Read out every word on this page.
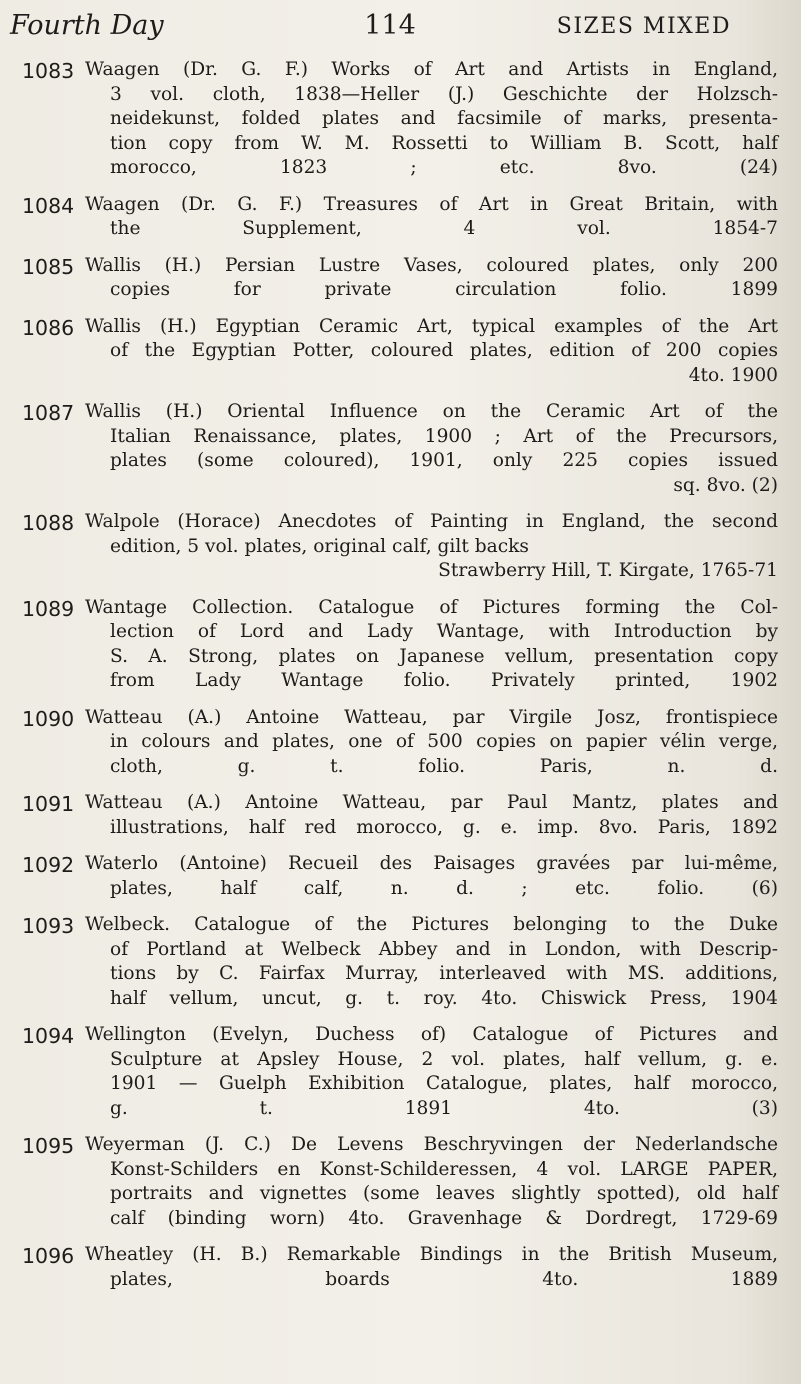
Fourth Day	114	SIZES MIXED
1083 Waagen (Dr. G. F.) Works of Art and Artists in England,
3 vol. cloth, 1838—Heller (J.) Geschichte der Holzsch-
neidekunst, folded plates and facsimile of marks, presenta-
tion copy from W. M. Rossetti to William B. Scott, half
morocco, 1823 ; etc. 8vo. (24)
1084 Waagen (Dr. G. F.) Treasures of Art in Great Britain, with
the Supplement, 4 vol. 1854-7
1085 Wallis (H.) Persian Lustre Vases, coloured plates, only 200
copies for private circulation folio. 1899
1086 Wallis (H.) Egyptian Ceramic Art, typical examples of the Art
of the Egyptian Potter, coloured plates, edition of 200 copies
4to. 1900
1087 Wallis (H.) Oriental Influence on the Ceramic Art of the
Italian Renaissance, plates, 1900 ; Art of the Precursors,
plates (some coloured), 1901, only 225 copies issued
sq. 8vo. (2)
1088 Walpole (Horace) Anecdotes of Painting in England, the second
edition, 5 vol. plates, original calf, gilt backs
Strawberry Hill, T. Kirgate, 1765-71
1089 Wantage Collection. Catalogue of Pictures forming the Col-
lection of Lord and Lady Wantage, with Introduction by
S. A. Strong, plates on Japanese vellum, presentation copy
from Lady Wantage folio. Privately printed, 1902
1090 Watteau (A.) Antoine Watteau, par Virgile Josz, frontispiece
in colours and plates, one of 500 copies on papier vélin verge,
cloth, g. t. folio. Paris, n. d.
1091 Watteau (A.) Antoine Watteau, par Paul Mantz, plates and
illustrations, half red morocco, g. e. imp. 8vo. Paris, 1892
1092 Waterlo (Antoine) Recueil des Paisages gravées par lui-même,
plates, half calf, n. d. ; etc. folio. (6)
1093 Welbeck. Catalogue of the Pictures belonging to the Duke
of Portland at Welbeck Abbey and in London, with Descrip-
tions by C. Fairfax Murray, interleaved with MS. additions,
half vellum, uncut, g. t. roy. 4to. Chiswick Press, 1904
1094 Wellington (Evelyn, Duchess of) Catalogue of Pictures and
Sculpture at Apsley House, 2 vol. plates, half vellum, g. e.
1901 — Guelph Exhibition Catalogue, plates, half morocco,
g. t. 1891 4to. (3)
1095 Weyerman (J. C.) De Levens Beschryvingen der Nederlandsche
Konst-Schilders en Konst-Schilderessen, 4 vol. LARGE PAPER,
portraits and vignettes (some leaves slightly spotted), old half
calf (binding worn) 4to. Gravenhage & Dordregt, 1729-69
1096 Wheatley (H. B.) Remarkable Bindings in the British Museum,
plates, boards 4to. 1889
